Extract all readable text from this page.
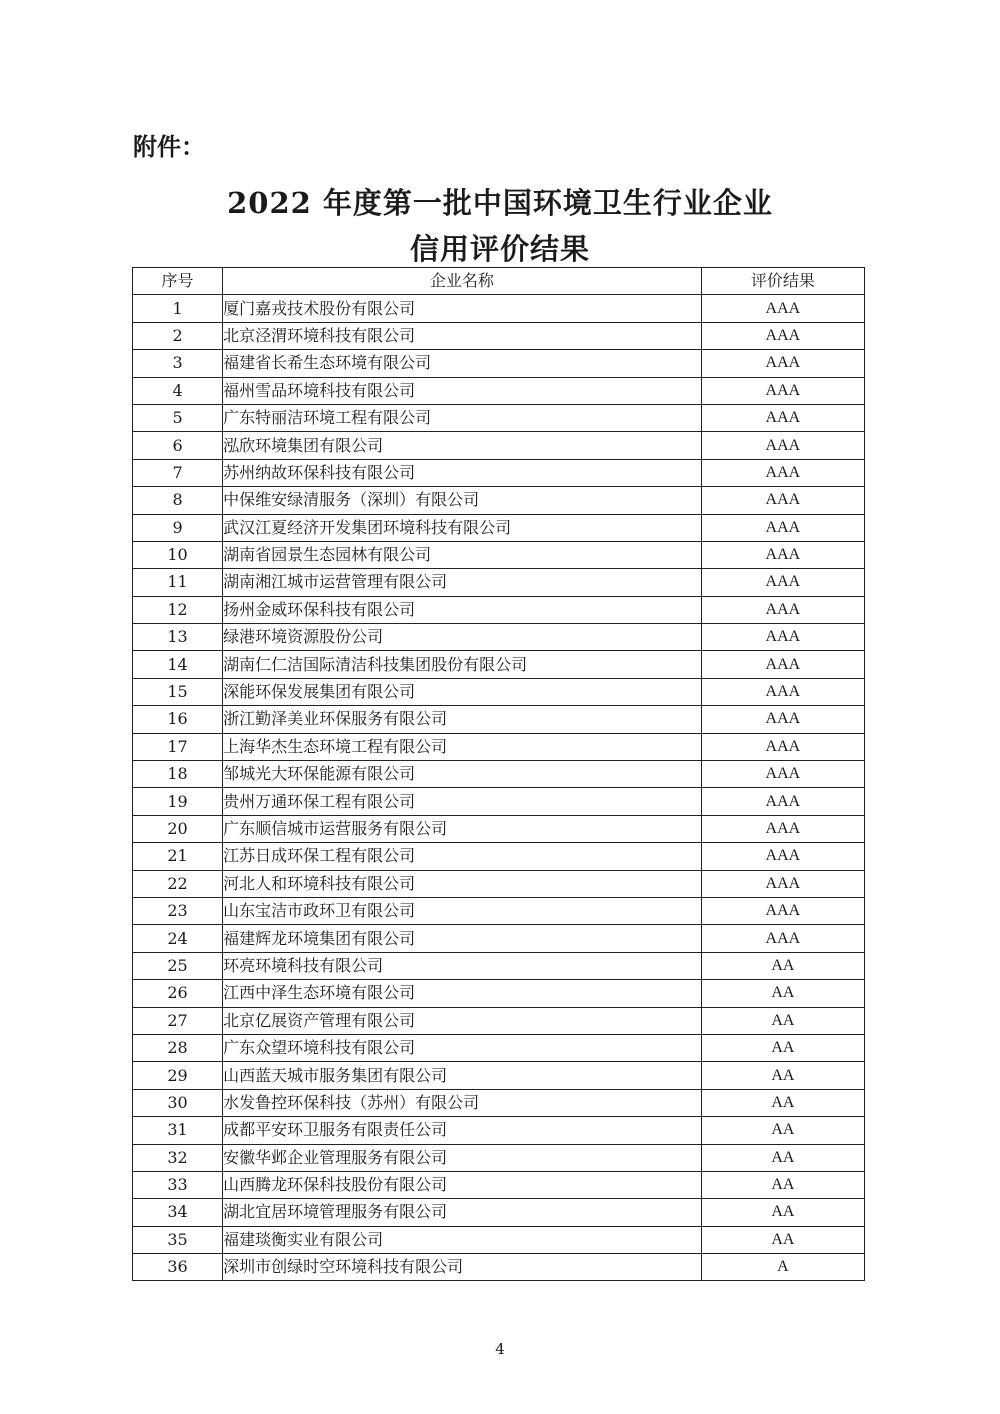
附件：

2022 年度第一批中国环境卫生行业企业
信用评价结果
序号	企业名称	评价结果
1	厦门嘉戎技术股份有限公司	AAA
2	北京泾渭环境科技有限公司	AAA
3	福建省长希生态环境有限公司	AAA
4	福州雪品环境科技有限公司	AAA
5	广东特丽洁环境工程有限公司	AAA
6	泓欣环境集团有限公司	AAA
7	苏州纳故环保科技有限公司	AAA
8	中保维安绿清服务（深圳）有限公司	AAA
9	武汉江夏经济开发集团环境科技有限公司	AAA
10	湖南省园景生态园林有限公司	AAA
11	湖南湘江城市运营管理有限公司	AAA
12	扬州金威环保科技有限公司	AAA
13	绿港环境资源股份公司	AAA
14	湖南仁仁洁国际清洁科技集团股份有限公司	AAA
15	深能环保发展集团有限公司	AAA
16	浙江勤泽美业环保服务有限公司	AAA
17	上海华杰生态环境工程有限公司	AAA
18	邹城光大环保能源有限公司	AAA
19	贵州万通环保工程有限公司	AAA
20	广东顺信城市运营服务有限公司	AAA
21	江苏日成环保工程有限公司	AAA
22	河北人和环境科技有限公司	AAA
23	山东宝洁市政环卫有限公司	AAA
24	福建辉龙环境集团有限公司	AAA
25	环亮环境科技有限公司	AA
26	江西中泽生态环境有限公司	AA
27	北京亿展资产管理有限公司	AA
28	广东众望环境科技有限公司	AA
29	山西蓝天城市服务集团有限公司	AA
30	水发鲁控环保科技（苏州）有限公司	AA
31	成都平安环卫服务有限责任公司	AA
32	安徽华邺企业管理服务有限公司	AA
33	山西腾龙环保科技股份有限公司	AA
34	湖北宜居环境管理服务有限公司	AA
35	福建琰衡实业有限公司	AA
36	深圳市创绿时空环境科技有限公司	A

4
